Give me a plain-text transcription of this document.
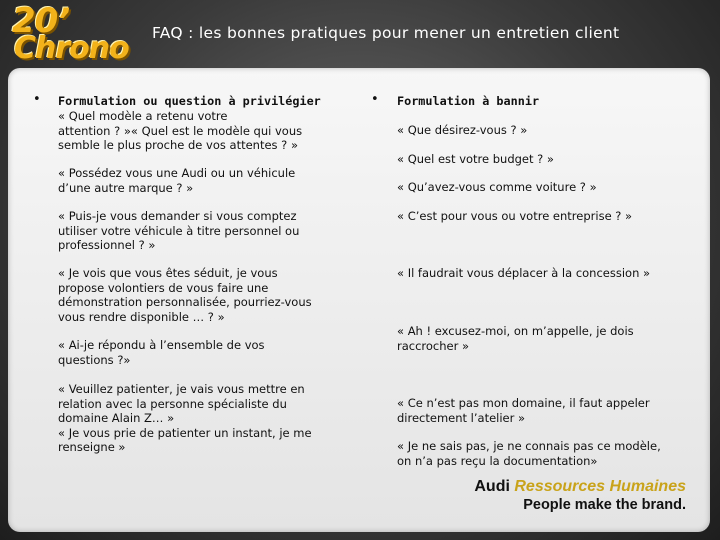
20’
Chrono FAQ : les bonnes pratiques pour mener un entretien client
•	•

Formulation ou question à privilégier

« Quel modèle a retenu votre
attention ? »« Quel est le modèle qui vous
semble le plus proche de vos attentes ? »
« Possédez vous une Audi ou un véhicule
d’une autre marque ? »
« Puis-je vous demander si vous comptez
utiliser votre véhicule à titre personnel ou
professionnel ? »
« Je vois que vous êtes séduit, je vous
propose volontiers de vous faire une
démonstration personnalisée, pourriez-vous
vous rendre disponible … ? »
« Ai-je répondu à l’ensemble de vos
questions ?»
« Veuillez patienter, je vais vous mettre en
relation avec la personne spécialiste du
domaine Alain Z… »
« Je vous prie de patienter un instant, je me
renseigne »

Formulation à bannir

« Que désirez-vous ? »
« Quel est votre budget ? »
« Qu’avez-vous comme voiture ? »
« C’est pour vous ou votre entreprise ? »
« Il faudrait vous déplacer à la concession »
« Ah ! excusez-moi, on m’appelle, je dois
raccrocher »
« Ce n’est pas mon domaine, il faut appeler
directement l’atelier »
« Je ne sais pas, je ne connais pas ce modèle,
on n’a pas reçu la documentation»
Audi Ressources Humaines
People make the brand.
